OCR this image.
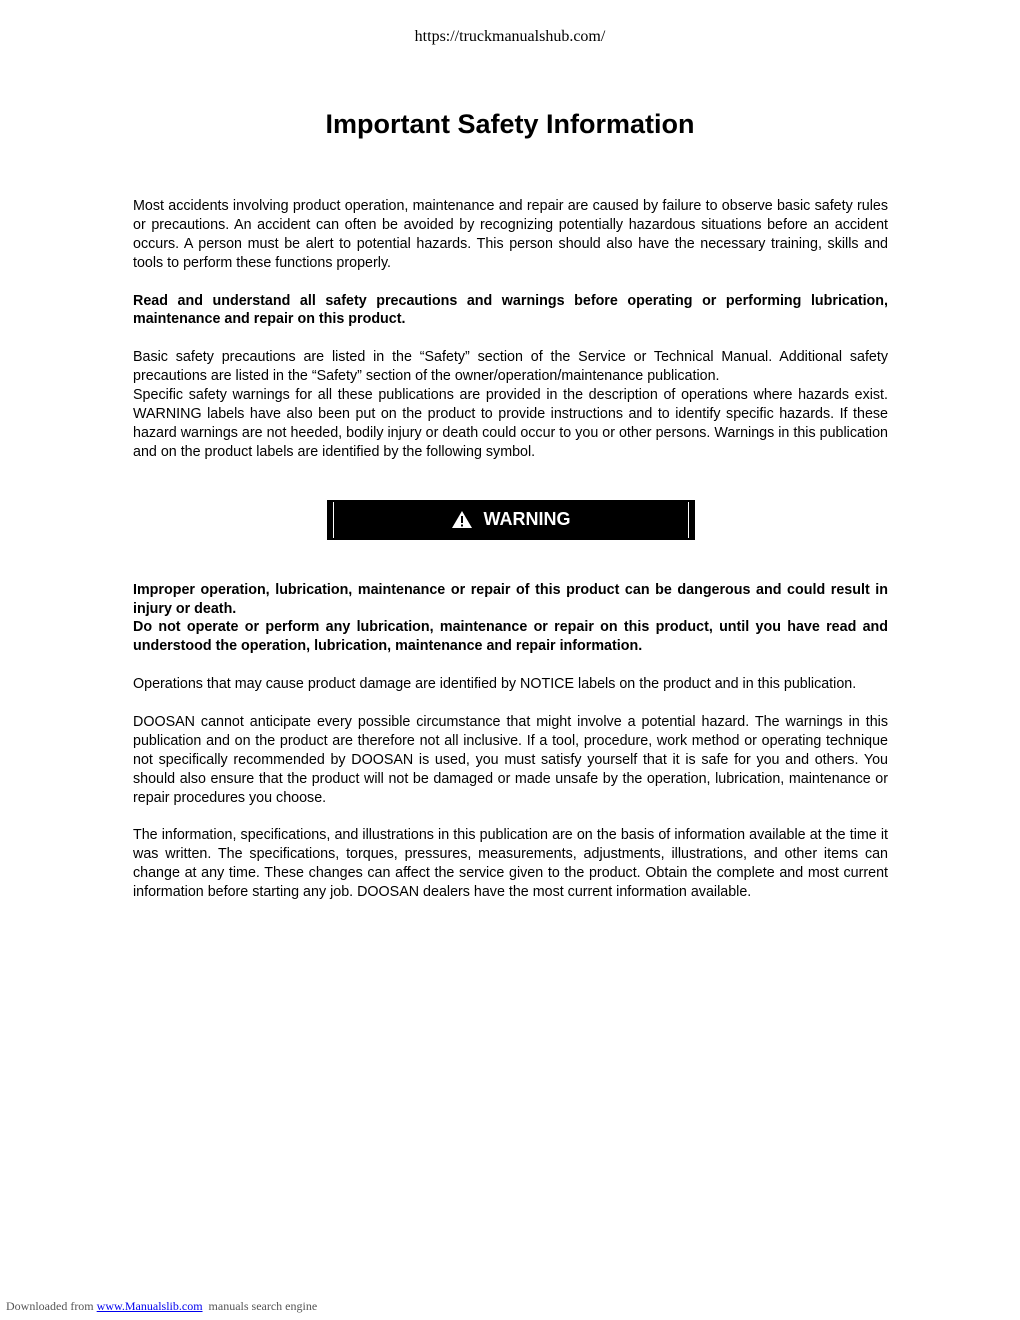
https://truckmanualshub.com/
Important Safety Information

Most accidents involving product operation, maintenance and repair are caused by failure to observe basic safety rules or precautions. An accident can often be avoided by recognizing potentially hazardous situations before an accident occurs. A person must be alert to potential hazards. This person should also have the necessary training, skills and tools to perform these functions properly.

Read and understand all safety precautions and warnings before operating or performing lubrication, maintenance and repair on this product.

Basic safety precautions are listed in the “Safety” section of the Service or Technical Manual. Additional safety precautions are listed in the “Safety” section of the owner/operation/maintenance publication.

Specific safety warnings for all these publications are provided in the description of operations where hazards exist. WARNING labels have also been put on the product to provide instructions and to identify specific hazards. If these hazard warnings are not heeded, bodily injury or death could occur to you or other persons. Warnings in this publication and on the product labels are identified by the following symbol.

WARNING

Improper operation, lubrication, maintenance or repair of this product can be dangerous and could result in injury or death.

Do not operate or perform any lubrication, maintenance or repair on this product, until you have read and understood the operation, lubrication, maintenance and repair information.

Operations that may cause product damage are identified by NOTICE labels on the product and in this publication.

DOOSAN cannot anticipate every possible circumstance that might involve a potential hazard. The warnings in this publication and on the product are therefore not all inclusive. If a tool, procedure, work method or operating technique not specifically recommended by DOOSAN is used, you must satisfy yourself that it is safe for you and others. You should also ensure that the product will not be damaged or made unsafe by the operation, lubrication, maintenance or repair procedures you choose.

The information, specifications, and illustrations in this publication are on the basis of information available at the time it was written. The specifications, torques, pressures, measurements, adjustments, illustrations, and other items can change at any time. These changes can affect the service given to the product. Obtain the complete and most current information before starting any job. DOOSAN dealers have the most current information available.

Downloaded from www.Manualslib.com  manuals search engine
